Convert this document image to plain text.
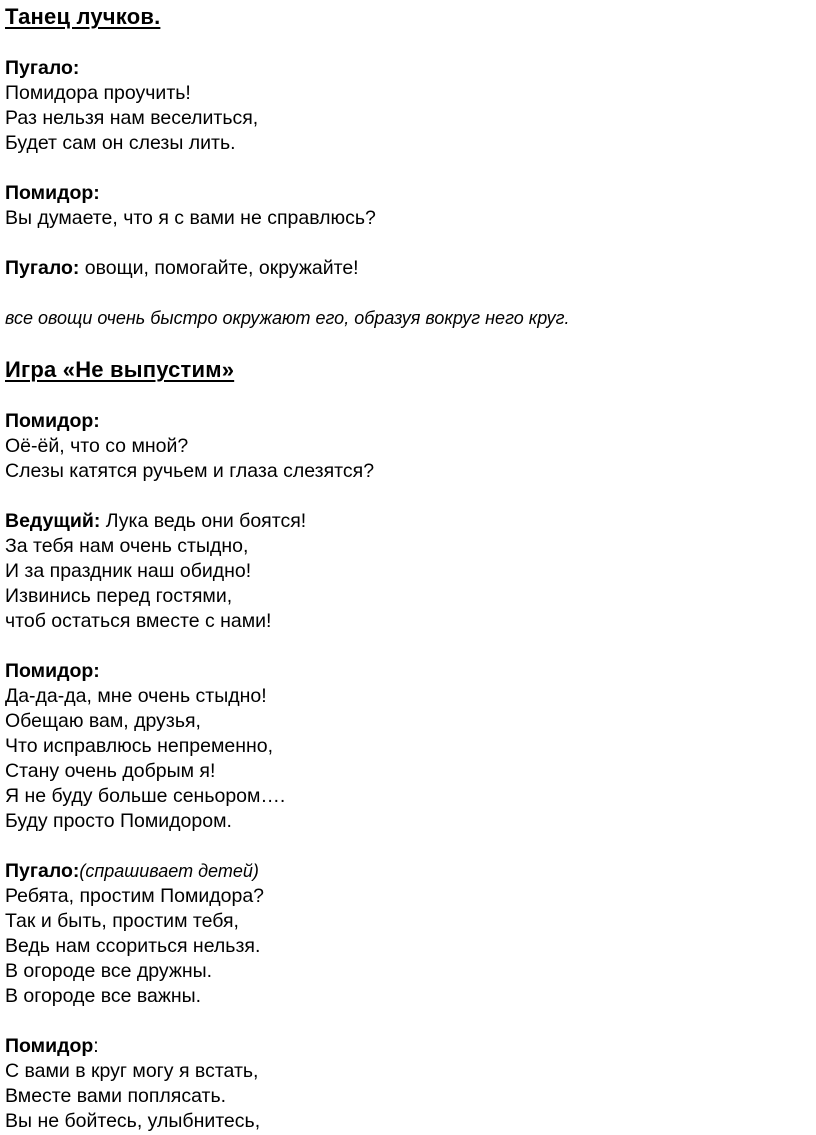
Танец лучков.
Пугало:
Помидора проучить!
Раз нельзя нам веселиться,
Будет сам он слезы лить.
Помидор:
Вы думаете, что я с вами не справлюсь?
Пугало: овощи, помогайте, окружайте!
все овощи очень быстро окружают его, образуя вокруг него круг.
Игра «Не выпустим»
Помидор:
Оё-ёй, что со мной?
Слезы катятся ручьем и глаза слезятся?
Ведущий: Лука ведь они боятся!
За тебя нам очень стыдно,
И за праздник наш обидно!
Извинись перед гостями,
чтоб остаться вместе с нами!
Помидор:
Да-да-да, мне очень стыдно!
Обещаю вам, друзья,
Что исправлюсь непременно,
Стану очень добрым я!
Я не буду больше сеньором….
Буду просто Помидором.
Пугало:(спрашивает детей)
Ребята, простим Помидора?
Так и быть, простим тебя,
Ведь нам ссориться нельзя.
В огороде все дружны.
В огороде все важны.
Помидор:
С вами в круг могу я встать,
Вместе вами поплясать.
Вы не бойтесь, улыбнитесь,
